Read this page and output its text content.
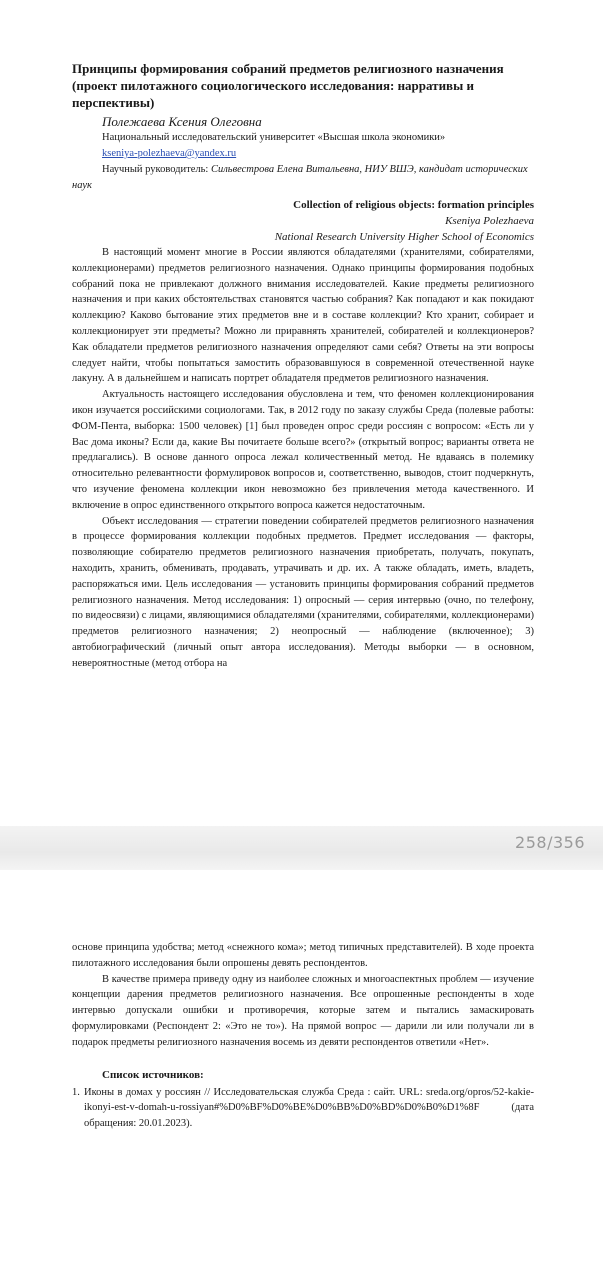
Принципы формирования собраний предметов религиозного назначения (проект пилотажного социологического исследования: нарративы и перспективы)

Полежаева Ксения Олеговна

Национальный исследовательский университет «Высшая школа экономики»

kseniya-polezhaeva@yandex.ru

Научный руководитель: Сильвестрова Елена Витальевна, НИУ ВШЭ, кандидат исторических наук

Collection of religious objects: formation principles
Kseniya Polezhaeva
National Research University Higher School of Economics

В настоящий момент многие в России являются обладателями (хранителями, собирателями, коллекционерами) предметов религиозного назначения. Однако принципы формирования подобных собраний пока не привлекают должного внимания исследователей. Какие предметы религиозного назначения и при каких обстоятельствах становятся частью собрания? Как попадают и как покидают коллекцию? Каково бытование этих предметов вне и в составе коллекции? Кто хранит, собирает и коллекционирует эти предметы? Можно ли приравнять хранителей, собирателей и коллекционеров? Как обладатели предметов религиозного назначения определяют сами себя? Ответы на эти вопросы следует найти, чтобы попытаться замостить образовавшуюся в современной отечественной науке лакуну. А в дальнейшем и написать портрет обладателя предметов религиозного назначения.

Актуальность настоящего исследования обусловлена и тем, что феномен коллекционирования икон изучается российскими социологами. Так, в 2012 году по заказу службы Среда (полевые работы: ФОМ-Пента, выборка: 1500 человек) [1] был проведен опрос среди россиян с вопросом: «Есть ли у Вас дома иконы? Если да, какие Вы почитаете больше всего?» (открытый вопрос; варианты ответа не предлагались). В основе данного опроса лежал количественный метод. Не вдаваясь в полемику относительно релевантности формулировок вопросов и, соответственно, выводов, стоит подчеркнуть, что изучение феномена коллекции икон невозможно без привлечения метода качественного. И включение в опрос единственного открытого вопроса кажется недостаточным.

Объект исследования — стратегии поведении собирателей предметов религиозного назначения в процессе формирования коллекции подобных предметов. Предмет исследования — факторы, позволяющие собирателю предметов религиозного назначения приобретать, получать, покупать, находить, хранить, обменивать, продавать, утрачивать и др. их. А также обладать, иметь, владеть, распоряжаться ими. Цель исследования — установить принципы формирования собраний предметов религиозного назначения. Метод исследования: 1) опросный — серия интервью (очно, по телефону, по видеосвязи) с лицами, являющимися обладателями (хранителями, собирателями, коллекционерами) предметов религиозного назначения; 2) неопросный — наблюдение (включенное); 3) автобиографический (личный опыт автора исследования). Методы выборки — в основном, невероятностные (метод отбора на

258/356

основе принципа удобства; метод «снежного кома»; метод типичных представителей). В ходе проекта пилотажного исследования были опрошены девять респондентов.

В качестве примера приведу одну из наиболее сложных и многоаспектных проблем — изучение концепции дарения предметов религиозного назначения. Все опрошенные респонденты в ходе интервью допускали ошибки и противоречия, которые затем и пытались замаскировать формулировками (Респондент 2: «Это не то»). На прямой вопрос — дарили ли или получали ли в подарок предметы религиозного назначения восемь из девяти респондентов ответили «Нет».

Список источников:

1. Иконы в домах у россиян // Исследовательская служба Среда : сайт. URL: sreda.org/opros/52-kakie-ikonyi-est-v-domah-u-rossiyan#%D0%BF%D0%BE%D0%BB%D0%BD%D0%B0%D1%8F (дата обращения: 20.01.2023).
